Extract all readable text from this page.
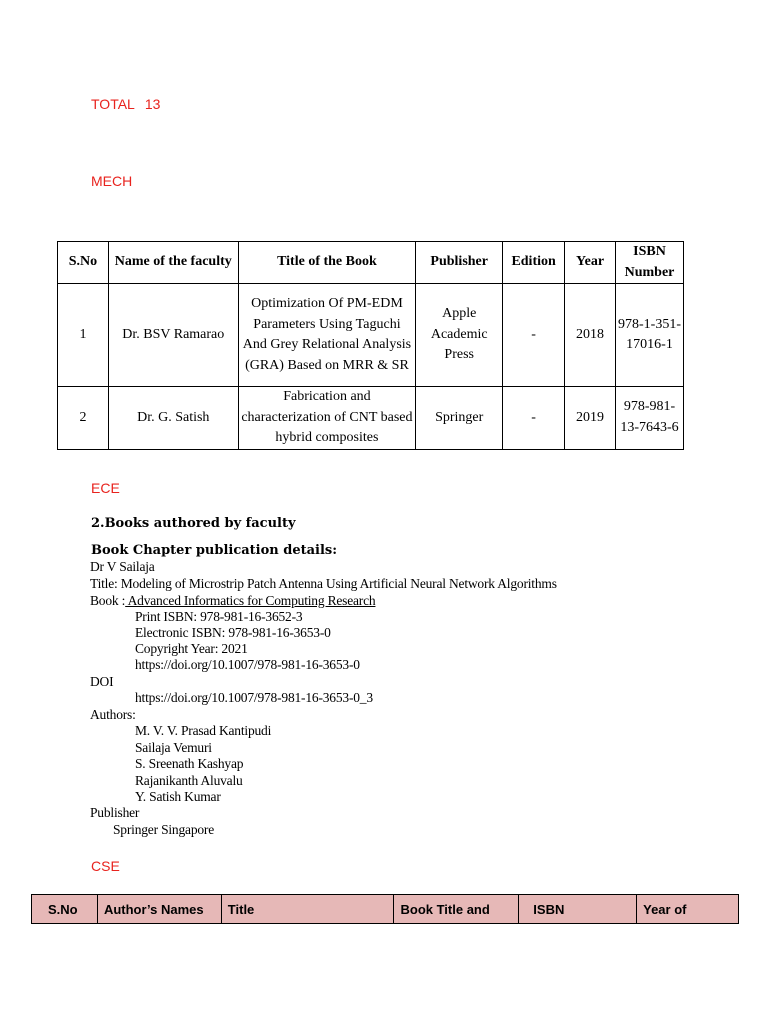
TOTAL 13
MECH
S.No	Name of the faculty	Title of the Book	Publisher	Edition	Year	ISBN Number
1	Dr. BSV Ramarao	Optimization Of PM-EDM Parameters Using Taguchi And Grey Relational Analysis (GRA) Based on MRR & SR	Apple Academic Press	-	2018	978-1-351-17016-1
2	Dr. G. Satish	Fabrication and characterization of CNT based hybrid composites	Springer	-	2019	978-981-13-7643-6
ECE
2.Books authored by faculty
Book Chapter publication details:
Dr V Sailaja
Title: Modeling of Microstrip Patch Antenna Using Artificial Neural Network Algorithms
Book : Advanced Informatics for Computing Research
Print ISBN: 978-981-16-3652-3
Electronic ISBN: 978-981-16-3653-0
Copyright Year: 2021
https://doi.org/10.1007/978-981-16-3653-0
DOI
https://doi.org/10.1007/978-981-16-3653-0_3
Authors:
M. V. V. Prasad Kantipudi
Sailaja Vemuri
S. Sreenath Kashyap
Rajanikanth Aluvalu
Y. Satish Kumar
Publisher
Springer Singapore
CSE
S.No	Author’s Names	Title	Book Title and	ISBN	Year of
